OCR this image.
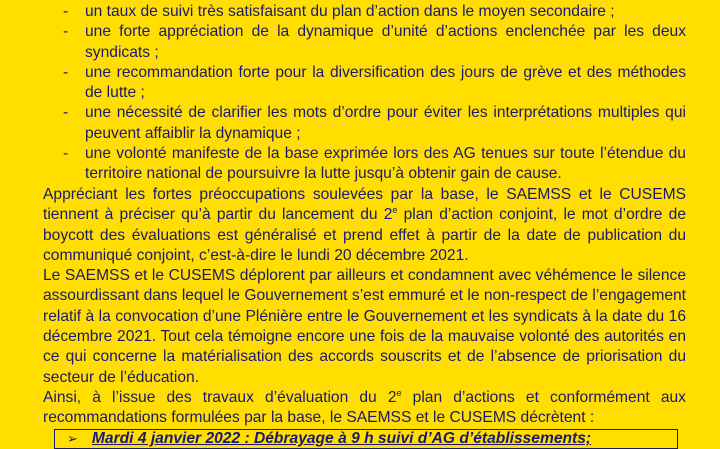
- un taux de suivi très satisfaisant du plan d’action dans le moyen secondaire ;
- une forte appréciation de la dynamique d’unité d’actions enclenchée par les deux syndicats ;
- une recommandation forte pour la diversification des jours de grève et des méthodes de lutte ;
- une nécessité de clarifier les mots d’ordre pour éviter les interprétations multiples qui peuvent affaiblir la dynamique ;
- une volonté manifeste de la base exprimée lors des AG tenues sur toute l’étendue du territoire national de poursuivre la lutte jusqu’à obtenir gain de cause.
Appréciant les fortes préoccupations soulevées par la base, le SAEMSS et le CUSEMS tiennent à préciser qu’à partir du lancement du 2e plan d’action conjoint, le mot d’ordre de boycott des évaluations est généralisé et prend effet à partir de la date de publication du communiqué conjoint, c’est-à-dire le lundi 20 décembre 2021.
Le SAEMSS et le CUSEMS déplorent par ailleurs et condamnent avec véhémence le silence assourdissant dans lequel le Gouvernement s’est emmuré et le non-respect de l’engagement relatif à la convocation d’une Plénière entre le Gouvernement et les syndicats à la date du 16 décembre 2021. Tout cela témoigne encore une fois de la mauvaise volonté des autorités en ce qui concerne la matérialisation des accords souscrits et de l’absence de priorisation du secteur de l’éducation.
Ainsi, à l’issue des travaux d’évaluation du 2e plan d’actions et conformément aux recommandations formulées par la base, le SAEMSS et le CUSEMS décrètent :
➢ Mardi 4 janvier 2022 : Débrayage à 9 h suivi d’AG d’établissements;
